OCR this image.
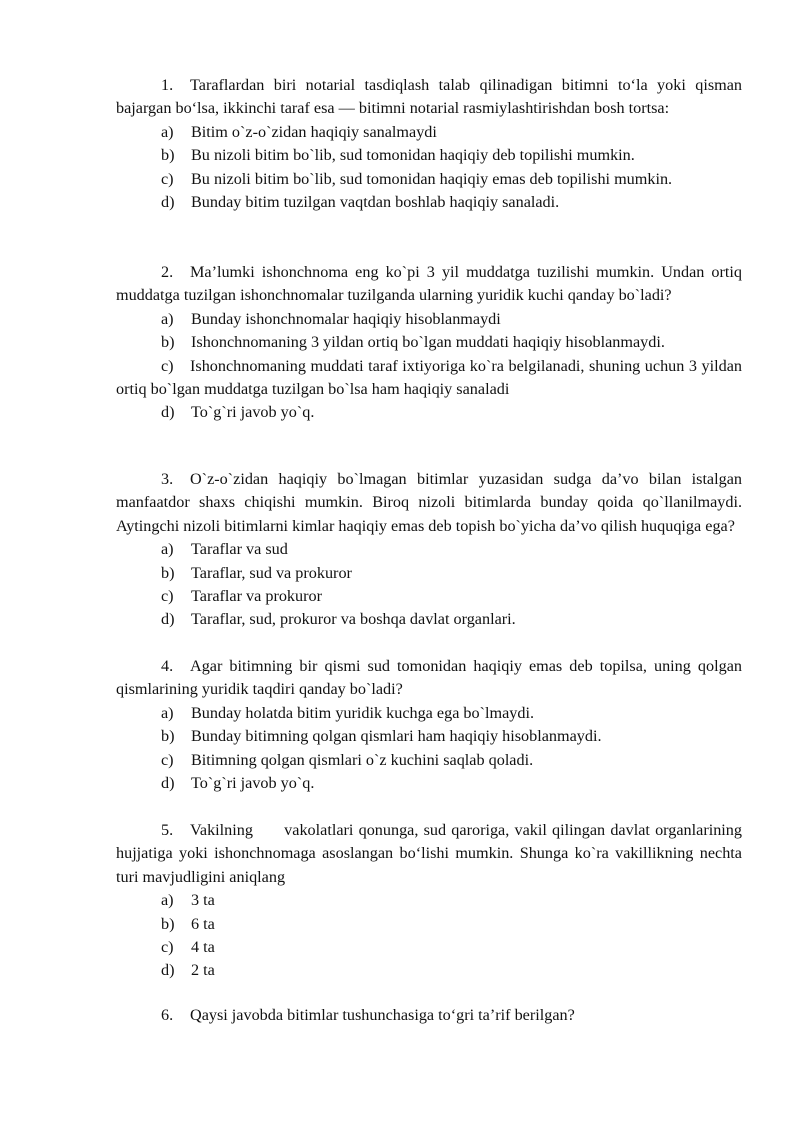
1. Taraflardan biri notarial tasdiqlash talab qilinadigan bitimni to‘la yoki qisman bajargan bo‘lsa, ikkinchi taraf esa — bitimni notarial rasmiylashtirishdan bosh tortsa:
a) Bitim o`z-o`zidan haqiqiy sanalmaydi
b) Bu nizoli bitim bo`lib, sud tomonidan haqiqiy deb topilishi mumkin.
c) Bu nizoli bitim bo`lib, sud tomonidan haqiqiy emas deb topilishi mumkin.
d) Bunday bitim tuzilgan vaqtdan boshlab haqiqiy sanaladi.
2. Ma’lumki ishonchnoma eng ko`pi 3 yil muddatga tuzilishi mumkin. Undan ortiq muddatga tuzilgan ishonchnomalar tuzilganda ularning yuridik kuchi qanday bo`ladi?
a) Bunday ishonchnomalar haqiqiy hisoblanmaydi
b) Ishonchnomaning 3 yildan ortiq bo`lgan muddati haqiqiy hisoblanmaydi.
c) Ishonchnomaning muddati taraf ixtiyoriga ko`ra belgilanadi, shuning uchun 3 yildan ortiq bo`lgan muddatga tuzilgan bo`lsa ham haqiqiy sanaladi
d) To`g`ri javob yo`q.
3. O`z-o`zidan haqiqiy bo`lmagan bitimlar yuzasidan sudga da’vo bilan istalgan manfaatdor shaxs chiqishi mumkin. Biroq nizoli bitimlarda bunday qoida qo`llanilmaydi. Aytingchi nizoli bitimlarni kimlar haqiqiy emas deb topish bo`yicha da’vo qilish huquqiga ega?
a) Taraflar va sud
b) Taraflar, sud va prokuror
c) Taraflar va prokuror
d) Taraflar, sud, prokuror va boshqa davlat organlari.
4. Agar bitimning bir qismi sud tomonidan haqiqiy emas deb topilsa, uning qolgan qismlarining yuridik taqdiri qanday bo`ladi?
a) Bunday holatda bitim yuridik kuchga ega bo`lmaydi.
b) Bunday bitimning qolgan qismlari ham haqiqiy hisoblanmaydi.
c) Bitimning qolgan qismlari o`z kuchini saqlab qoladi.
d) To`g`ri javob yo`q.
5. Vakilning      vakolatlari qonunga, sud qaroriga, vakil qilingan davlat organlarining hujjatiga yoki ishonchnomaga asoslangan bo‘lishi mumkin. Shunga ko`ra vakillikning nechta turi mavjudligini aniqlang
a) 3 ta
b) 6 ta
c) 4 ta
d) 2 ta
6. Qaysi javobda bitimlar tushunchasiga to‘gri ta’rif berilgan?
